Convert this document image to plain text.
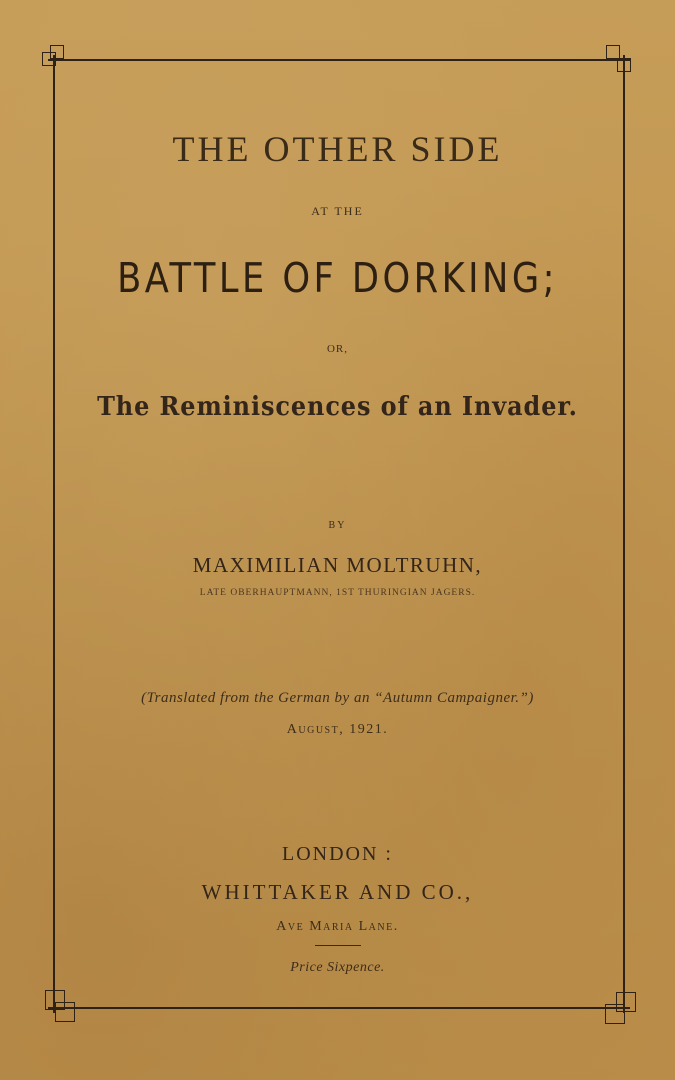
THE OTHER SIDE
AT THE
BATTLE OF DORKING;
OR,
The Reminiscences of an Invader.
BY
MAXIMILIAN MOLTRUHN,
LATE OBERHAUPTMANN, 1ST THURINGIAN JAGERS.
(Translated from the German by an “Autumn Campaigner.”)
August, 1921.
LONDON :
WHITTAKER AND CO.,
Ave Maria Lane.
Price Sixpence.
